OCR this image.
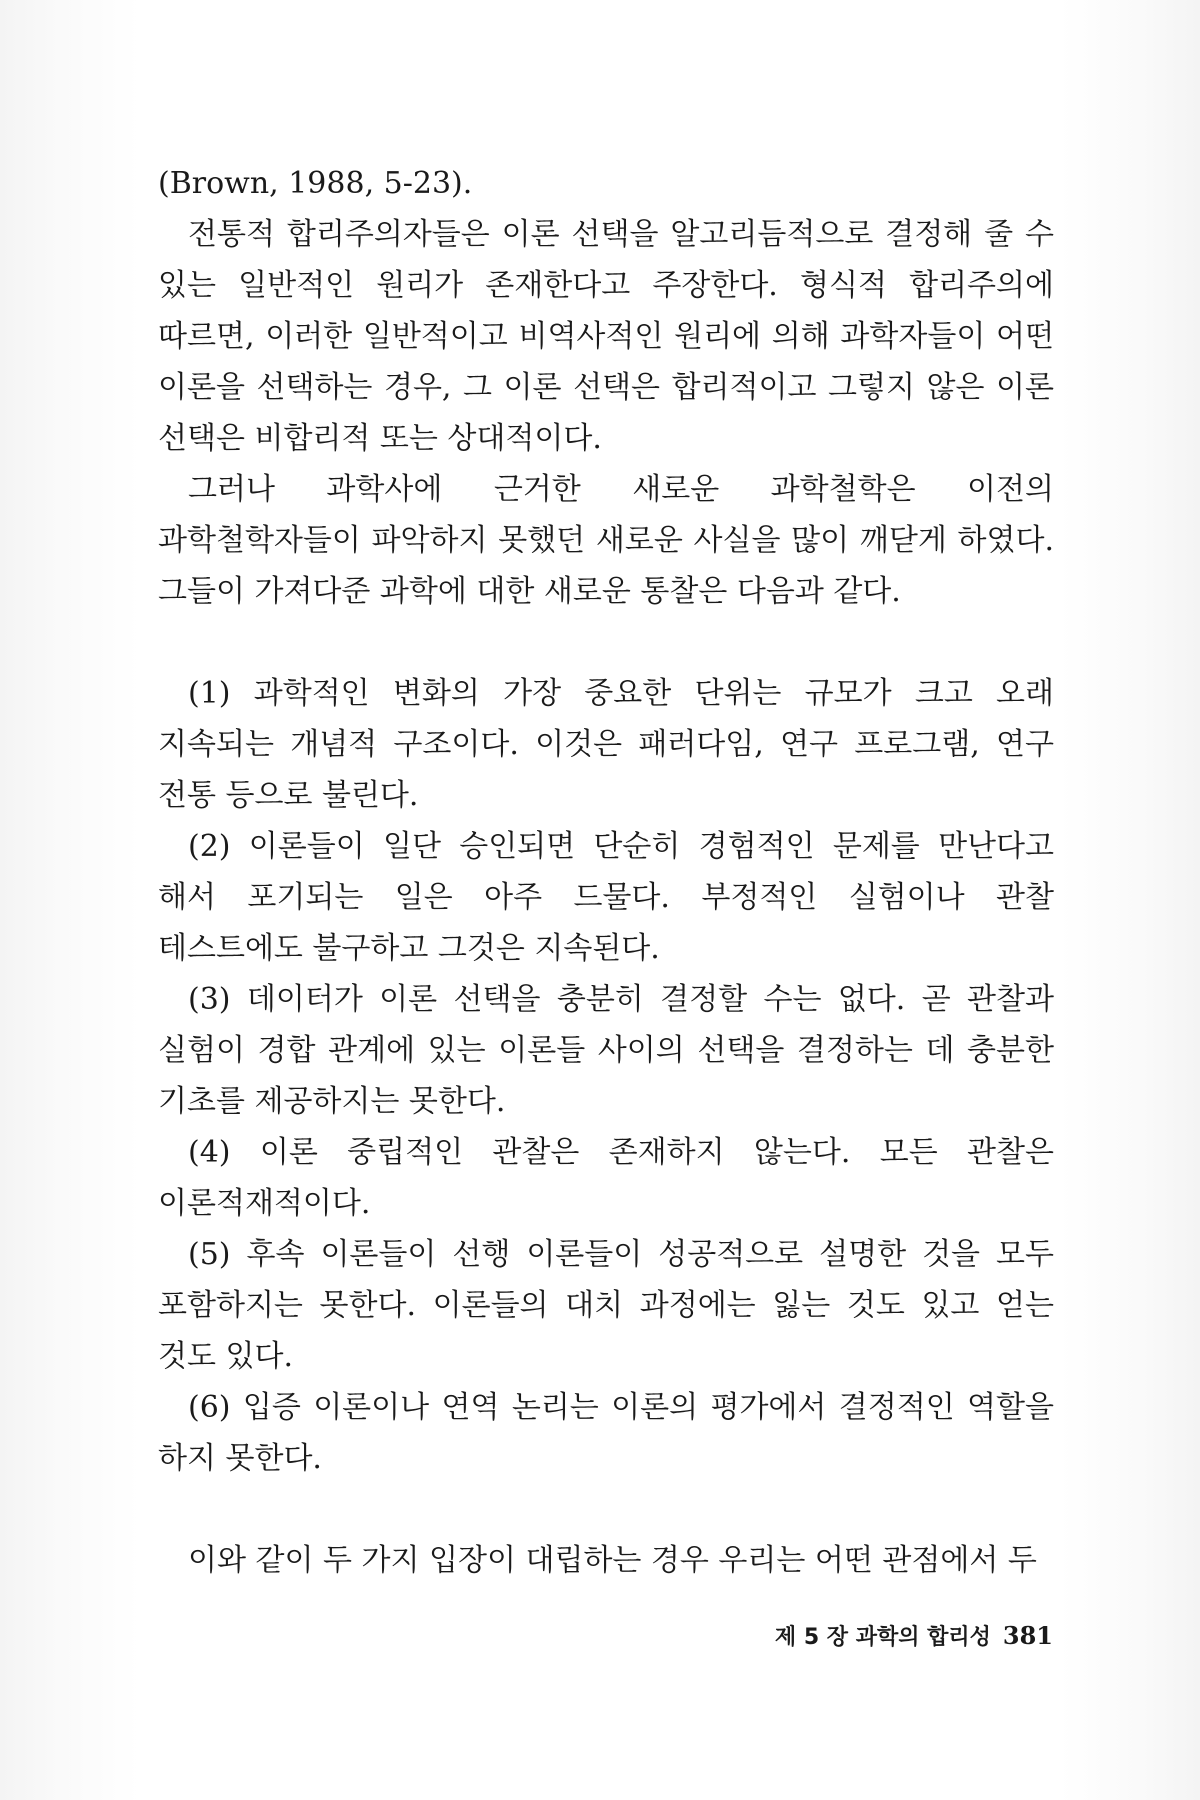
(Brown, 1988, 5-23).

전통적 합리주의자들은 이론 선택을 알고리듬적으로 결정해 줄 수 있는 일반적인 원리가 존재한다고 주장한다. 형식적 합리주의에 따르면, 이러한 일반적이고 비역사적인 원리에 의해 과학자들이 어떤 이론을 선택하는 경우, 그 이론 선택은 합리적이고 그렇지 않은 이론 선택은 비합리적 또는 상대적이다.

그러나 과학사에 근거한 새로운 과학철학은 이전의 과학철학자들이 파악하지 못했던 새로운 사실을 많이 깨닫게 하였다. 그들이 가져다준 과학에 대한 새로운 통찰은 다음과 같다.

(1) 과학적인 변화의 가장 중요한 단위는 규모가 크고 오래 지속되는 개념적 구조이다. 이것은 패러다임, 연구 프로그램, 연구 전통 등으로 불린다.

(2) 이론들이 일단 승인되면 단순히 경험적인 문제를 만난다고 해서 포기되는 일은 아주 드물다. 부정적인 실험이나 관찰 테스트에도 불구하고 그것은 지속된다.

(3) 데이터가 이론 선택을 충분히 결정할 수는 없다. 곧 관찰과 실험이 경합 관계에 있는 이론들 사이의 선택을 결정하는 데 충분한 기초를 제공하지는 못한다.

(4) 이론 중립적인 관찰은 존재하지 않는다. 모든 관찰은 이론적재적이다.

(5) 후속 이론들이 선행 이론들이 성공적으로 설명한 것을 모두 포함하지는 못한다. 이론들의 대치 과정에는 잃는 것도 있고 얻는 것도 있다.

(6) 입증 이론이나 연역 논리는 이론의 평가에서 결정적인 역할을 하지 못한다.

이와 같이 두 가지 입장이 대립하는 경우 우리는 어떤 관점에서 두

제 5 장 과학의 합리성 381
